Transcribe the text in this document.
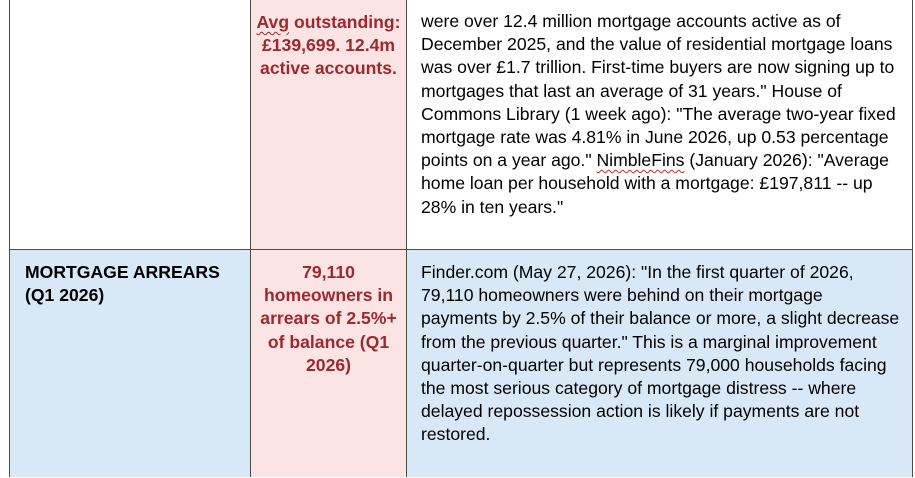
	Avg outstanding: £139,699. 12.4m active accounts.	were over 12.4 million mortgage accounts active as of December 2025, and the value of residential mortgage loans was over £1.7 trillion. First-time buyers are now signing up to mortgages that last an average of 31 years." House of Commons Library (1 week ago): "The average two-year fixed mortgage rate was 4.81% in June 2026, up 0.53 percentage points on a year ago." NimbleFins (January 2026): "Average home loan per household with a mortgage: £197,811 -- up 28% in ten years."

MORTGAGE ARREARS (Q1 2026)	79,110 homeowners in arrears of 2.5%+ of balance (Q1 2026)	Finder.com (May 27, 2026): "In the first quarter of 2026, 79,110 homeowners were behind on their mortgage payments by 2.5% of their balance or more, a slight decrease from the previous quarter." This is a marginal improvement quarter-on-quarter but represents 79,000 households facing the most serious category of mortgage distress -- where delayed repossession action is likely if payments are not restored.
